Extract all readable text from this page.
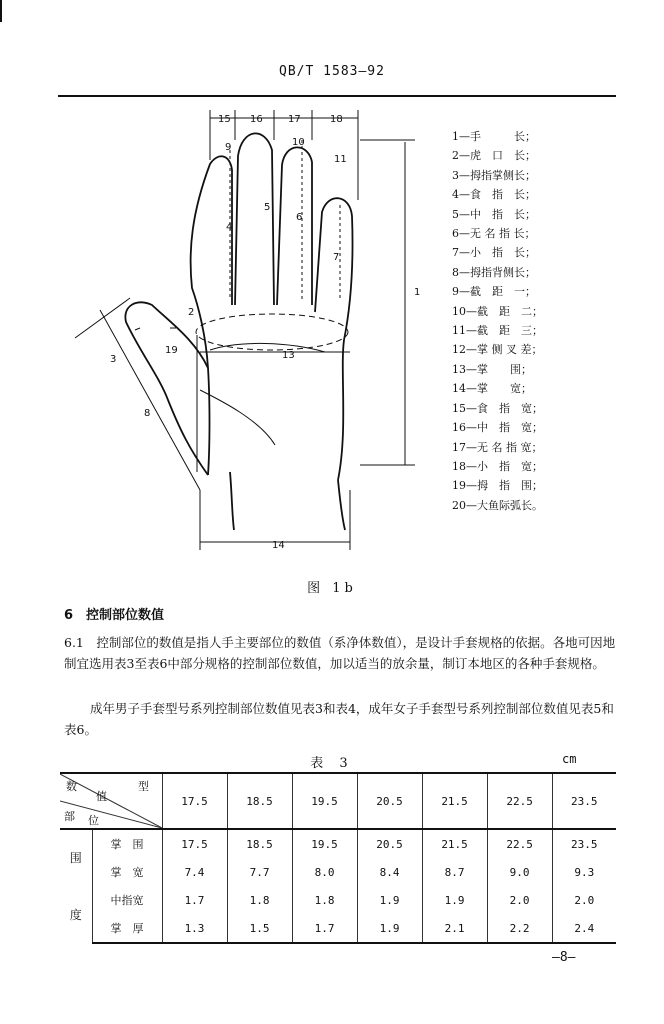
QB/T 1583—92
15 16	17	18
9	10
11
4
5
6
7
1
2
3
8
19	13
14
1—手　　　长；
2—虎　口　长；
3—拇指掌侧长；
4—食　指　长；
5—中　指　长；
6—无 名 指 长；
7—小　指　长；
8—拇指背侧长；
9—截　距　一；
10—截　距　二；
11—截　距　三；
12—掌 侧 叉 差；
13—掌　　围；
14—掌　　宽；
15—食　指　宽；
16—中　指　宽；
17—无 名 指 宽；
18—小　指　宽；
19—拇　指　围；
20—大鱼际弧长。
图 1b
6　控制部位数值
6.1　控制部位的数值是指人手主要部位的数值（系净体数值），是设计手套规格的依据。各地可因地制宜选用表3至表6中部分规格的控制部位数值，加以适当的放余量，制订本地区的各种手套规格。
成年男子手套型号系列控制部位数值见表3和表4，成年女子手套型号系列控制部位数值见表5和表6。
表 3	cm
数
值
型
部 位		17.5	18.5	19.5	20.5	21.5	22.5	23.5
围	掌　围	17.5	18.5	19.5	20.5	21.5	22.5	23.5
	掌　宽	7.4	7.7	8.0	8.4	8.7	9.0	9.3
度	中指宽	1.7	1.8	1.8	1.9	1.9	2.0	2.0
	掌　厚	1.3	1.5	1.7	1.9	2.1	2.2	2.4
—8—
